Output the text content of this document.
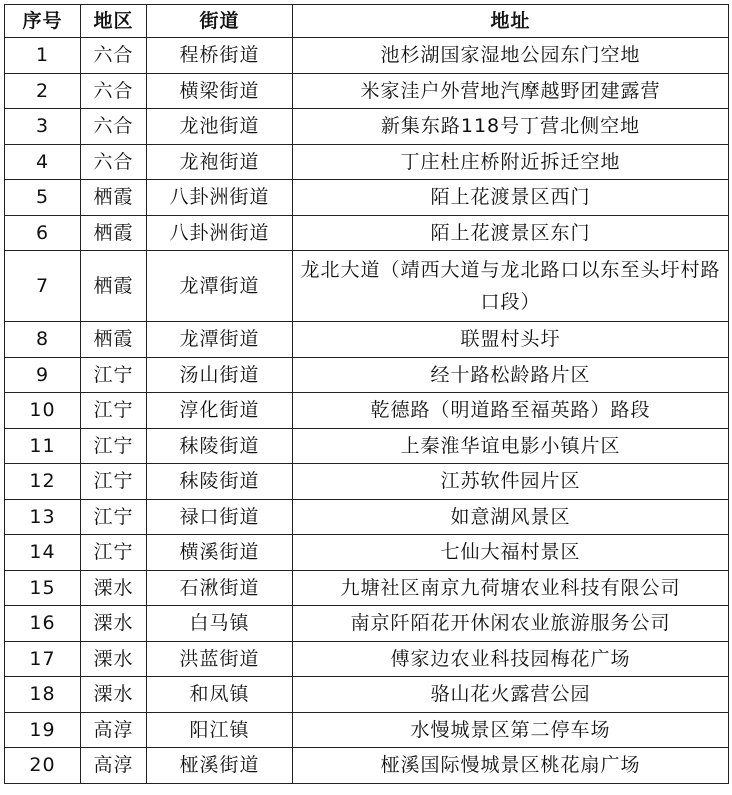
序号	地区	街道	地址
1	六合	程桥街道	池杉湖国家湿地公园东门空地
2	六合	横梁街道	米家洼户外营地汽摩越野团建露营
3	六合	龙池街道	新集东路118号丁营北侧空地
4	六合	龙袍街道	丁庄杜庄桥附近拆迁空地
5	栖霞	八卦洲街道	陌上花渡景区西门
6	栖霞	八卦洲街道	陌上花渡景区东门
7	栖霞	龙潭街道	龙北大道（靖西大道与龙北路口以东至头圩村路口段）
8	栖霞	龙潭街道	联盟村头圩
9	江宁	汤山街道	经十路松龄路片区
10	江宁	淳化街道	乾德路（明道路至福英路）路段
11	江宁	秣陵街道	上秦淮华谊电影小镇片区
12	江宁	秣陵街道	江苏软件园片区
13	江宁	禄口街道	如意湖风景区
14	江宁	横溪街道	七仙大福村景区
15	溧水	石湫街道	九塘社区南京九荷塘农业科技有限公司
16	溧水	白马镇	南京阡陌花开休闲农业旅游服务公司
17	溧水	洪蓝街道	傅家边农业科技园梅花广场
18	溧水	和凤镇	骆山花火露营公园
19	高淳	阳江镇	水慢城景区第二停车场
20	高淳	桠溪街道	桠溪国际慢城景区桃花扇广场
